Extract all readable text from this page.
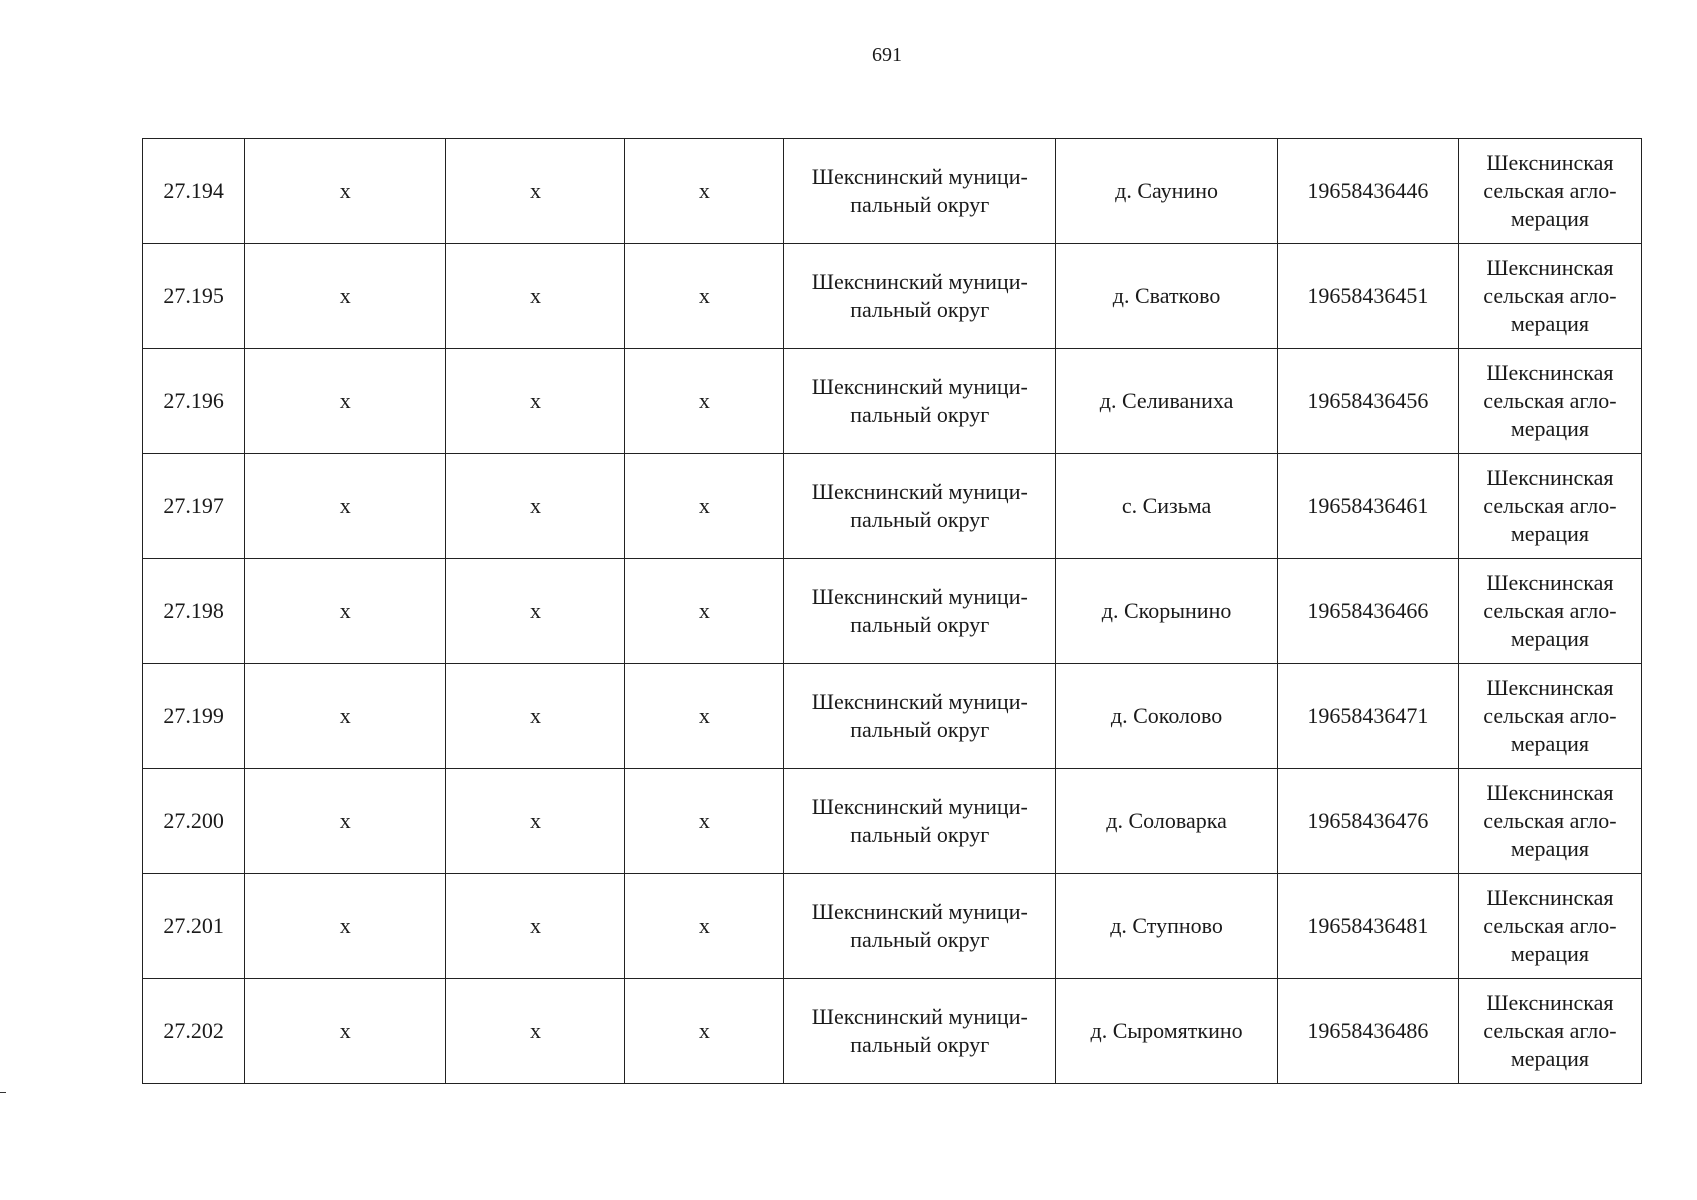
691
27.194	х	х	х	Шекснинский муници-
пальный округ	д. Саунино	19658436446	Шекснинская
сельская агло-
мерация

27.195	х	х	х	Шекснинский муници-
пальный округ	д. Сватково	19658436451	Шекснинская
сельская агло-
мерация

27.196	х	х	х	Шекснинский муници-
пальный округ	д. Селиваниха	19658436456	Шекснинская
сельская агло-
мерация

27.197	х	х	х	Шекснинский муници-
пальный округ	с. Сизьма	19658436461	Шекснинская
сельская агло-
мерация

27.198	х	х	х	Шекснинский муници-
пальный округ	д. Скорынино	19658436466	Шекснинская
сельская агло-
мерация

27.199	х	х	х	Шекснинский муници-
пальный округ	д. Соколово	19658436471	Шекснинская
сельская агло-
мерация

27.200	х	х	х	Шекснинский муници-
пальный округ	д. Соловарка	19658436476	Шекснинская
сельская агло-
мерация

27.201	х	х	х	Шекснинский муници-
пальный округ	д. Ступново	19658436481	Шекснинская
сельская агло-
мерация

27.202	х	х	х	Шекснинский муници-
пальный округ	д. Сыромяткино	19658436486	Шекснинская
сельская агло-
мерация
